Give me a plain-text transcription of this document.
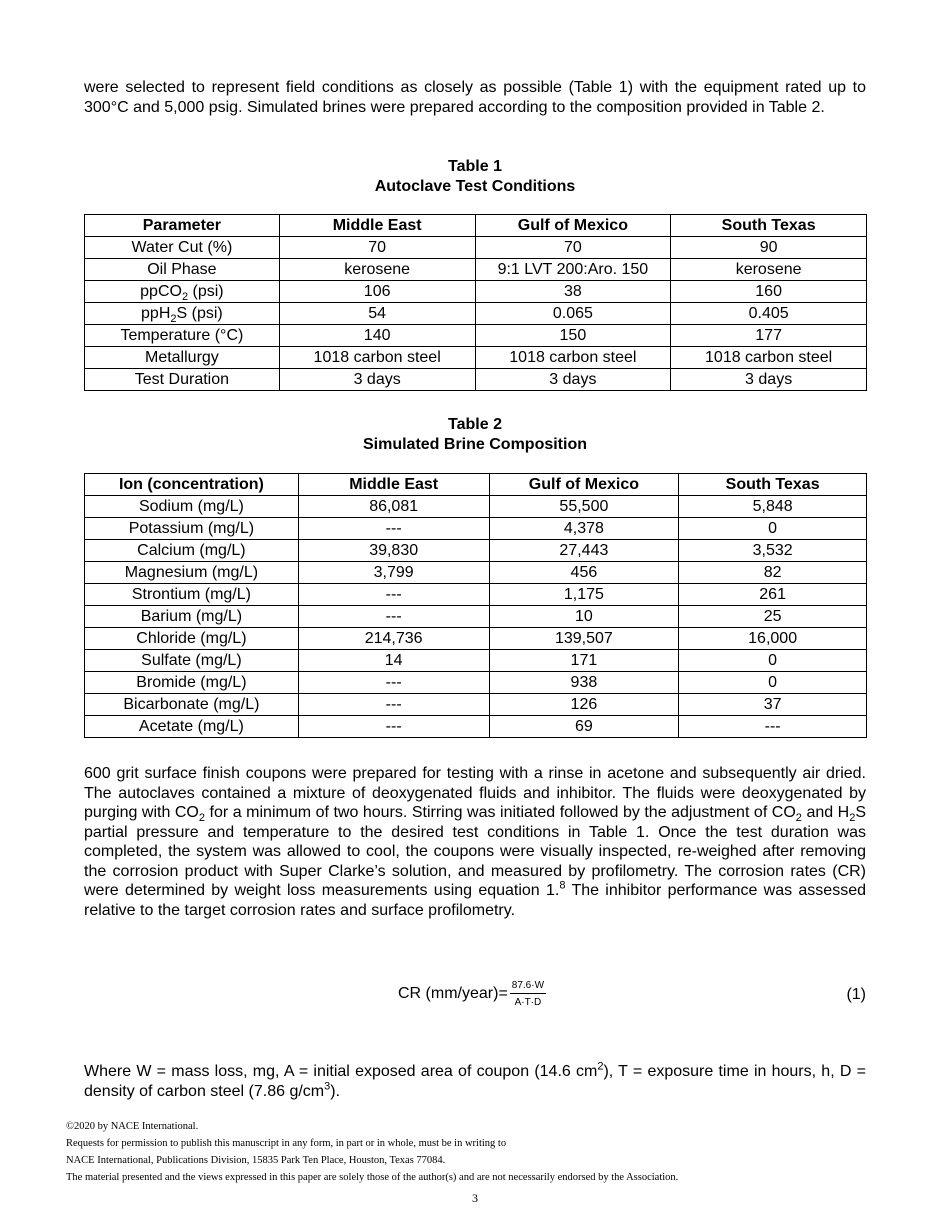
were selected to represent field conditions as closely as possible (Table 1) with the equipment rated up to 300°C and 5,000 psig. Simulated brines were prepared according to the composition provided in Table 2.
Table 1
Autoclave Test Conditions
Parameter	Middle East	Gulf of Mexico	South Texas
Water Cut (%)	70	70	90
Oil Phase	kerosene	9:1 LVT 200:Aro. 150	kerosene
ppCO$_2$ (psi)	106	38	160
ppH$_2$S (psi)	54	0.065	0.405
Temperature (°C)	140	150	177
Metallurgy	1018 carbon steel	1018 carbon steel	1018 carbon steel
Test Duration	3 days	3 days	3 days
Table 2
Simulated Brine Composition
Ion (concentration)	Middle East	Gulf of Mexico	South Texas
Sodium (mg/L)	86,081	55,500	5,848
Potassium (mg/L)	---	4,378	0
Calcium (mg/L)	39,830	27,443	3,532
Magnesium (mg/L)	3,799	456	82
Strontium (mg/L)	---	1,175	261
Barium (mg/L)	---	10	25
Chloride (mg/L)	214,736	139,507	16,000
Sulfate (mg/L)	14	171	0
Bromide (mg/L)	---	938	0
Bicarbonate (mg/L)	---	126	37
Acetate (mg/L)	---	69	---
600 grit surface finish coupons were prepared for testing with a rinse in acetone and subsequently air dried. The autoclaves contained a mixture of deoxygenated fluids and inhibitor. The fluids were deoxygenated by purging with $CO_2$ for a minimum of two hours. Stirring was initiated followed by the adjustment of $CO_2$ and $H_2S$ partial pressure and temperature to the desired test conditions in Table 1. Once the test duration was completed, the system was allowed to cool, the coupons were visually inspected, re-weighed after removing the corrosion product with Super Clarke’s solution, and measured by profilometry. The corrosion rates (CR) were determined by weight loss measurements using equation 1.$^8$ The inhibitor performance was assessed relative to the target corrosion rates and surface profilometry.
CR (mm/year)= $\frac{87.6\cdot W}{A\cdot T\cdot D}$	(1)
Where W = mass loss, mg, A = initial exposed area of coupon (14.6 $cm^2$), T = exposure time in hours, h, D = density of carbon steel (7.86 $g/cm^3$).
©2020 by NACE International.
Requests for permission to publish this manuscript in any form, in part or in whole, must be in writing to
NACE International, Publications Division, 15835 Park Ten Place, Houston, Texas 77084.
The material presented and the views expressed in this paper are solely those of the author(s) and are not necessarily endorsed by the Association.
3
